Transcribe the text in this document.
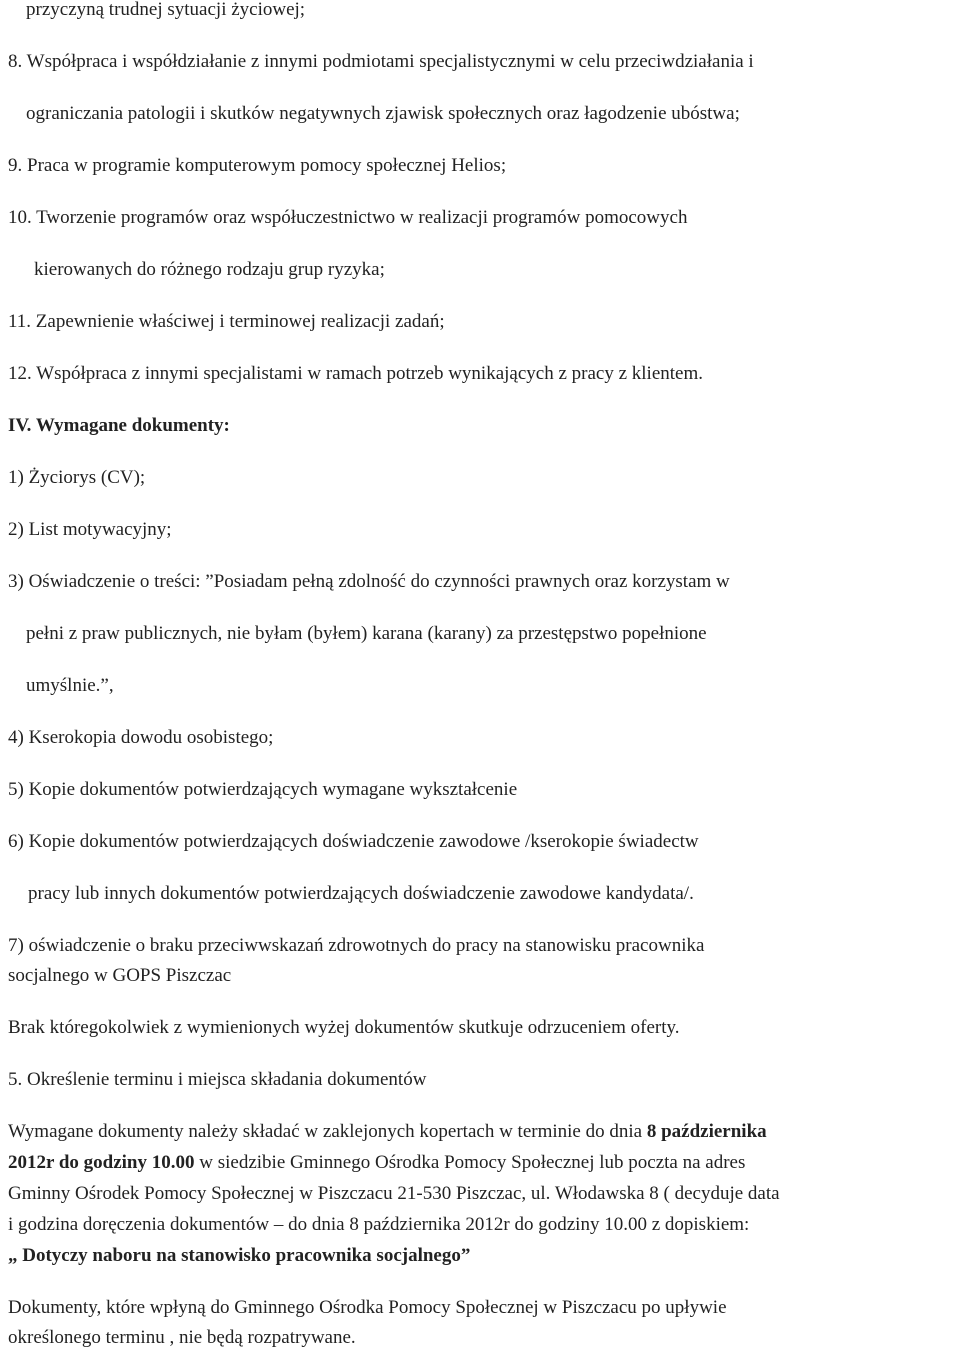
przyczyną trudnej sytuacji życiowej;
8. Współpraca i współdziałanie z innymi podmiotami specjalistycznymi w celu przeciwdziałania i
ograniczania patologii i skutków negatywnych zjawisk społecznych oraz łagodzenie ubóstwa;
9. Praca w programie komputerowym pomocy społecznej Helios;
10. Tworzenie programów oraz współuczestnictwo w realizacji programów pomocowych
kierowanych do różnego rodzaju grup ryzyka;
11. Zapewnienie właściwej i terminowej realizacji zadań;
12. Współpraca z innymi specjalistami w ramach potrzeb wynikających z pracy z klientem.
IV. Wymagane dokumenty:
1) Życiorys (CV);
2) List motywacyjny;
3) Oświadczenie o treści: ˮPosiadam pełną zdolność do czynności prawnych oraz korzystam w
pełni z praw publicznych, nie byłam (byłem) karana (karany) za przestępstwo popełnione
umyślnie.ˮ,
4) Kserokopia dowodu osobistego;
5) Kopie dokumentów potwierdzających wymagane wykształcenie
6) Kopie dokumentów potwierdzających doświadczenie zawodowe /kserokopie świadectw
pracy lub innych dokumentów potwierdzających doświadczenie zawodowe kandydata/.
7) oświadczenie o braku przeciwwskazań zdrowotnych do pracy na stanowisku pracownika
socjalnego w GOPS Piszczac
Brak któregokolwiek z wymienionych wyżej dokumentów skutkuje odrzuceniem oferty.
5. Określenie terminu i miejsca składania dokumentów
Wymagane dokumenty należy składać w zaklejonych kopertach w terminie do dnia 8 października
2012r do godziny 10.00 w siedzibie Gminnego Ośrodka Pomocy Społecznej lub poczta na adres
Gminny Ośrodek Pomocy Społecznej w Piszczacu 21-530 Piszczac, ul. Włodawska 8 ( decyduje data
i godzina doręczenia dokumentów – do dnia 8 października 2012r do godziny 10.00 z dopiskiem:
„ Dotyczy naboru na stanowisko pracownika socjalnego”
Dokumenty, które wpłyną do Gminnego Ośrodka Pomocy Społecznej w Piszczacu po upływie
określonego terminu , nie będą rozpatrywane.
